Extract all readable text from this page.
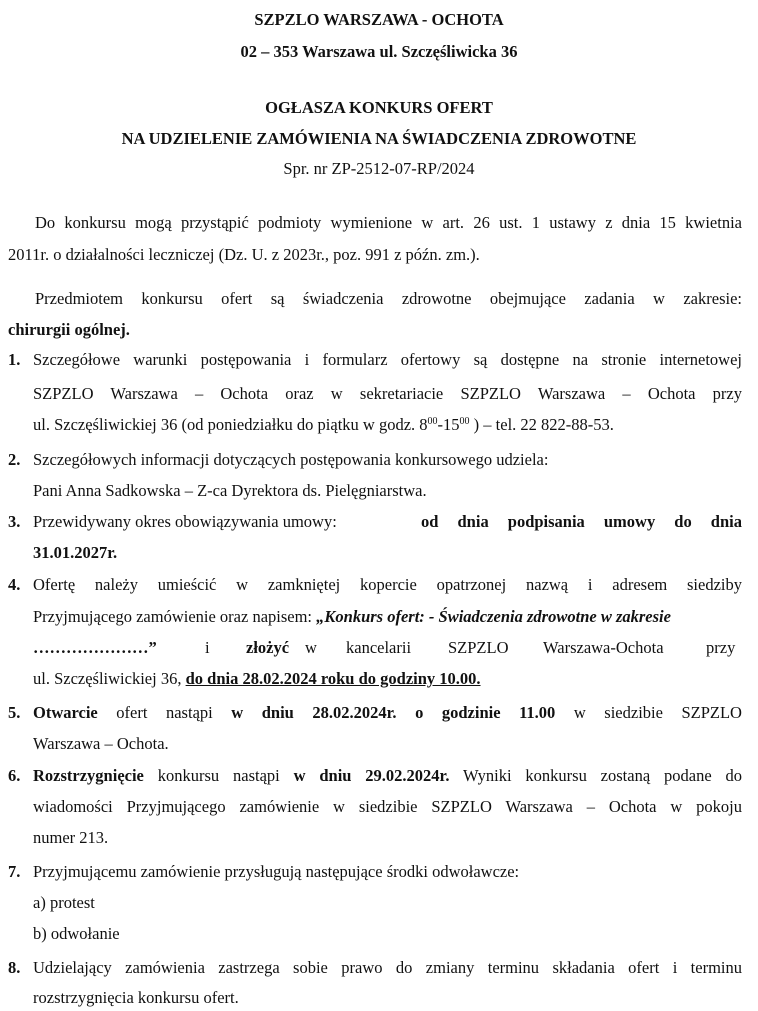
SZPZLO WARSZAWA - OCHOTA
02 – 353 Warszawa ul. Szczęśliwicka 36
OGŁASZA KONKURS OFERT
NA UDZIELENIE ZAMÓWIENIA NA ŚWIADCZENIA ZDROWOTNE
Spr. nr ZP-2512-07-RP/2024
Do konkursu mogą przystąpić podmioty wymienione w art. 26 ust. 1 ustawy z dnia 15 kwietnia
2011r. o działalności leczniczej (Dz. U. z 2023r., poz. 991 z późn. zm.).
Przedmiotem konkursu ofert są świadczenia zdrowotne obejmujące zadania w zakresie:
chirurgii ogólnej.
1. Szczegółowe warunki postępowania i formularz ofertowy są dostępne na stronie internetowej
SZPZLO Warszawa – Ochota oraz w sekretariacie SZPZLO Warszawa – Ochota przy
ul. Szczęśliwickiej 36 (od poniedziałku do piątku w godz. $8^{00}-15^{00}$ ) – tel. 22 822-88-53.
2. Szczegółowych informacji dotyczących postępowania konkursowego udziela:
Pani Anna Sadkowska – Z-ca Dyrektora ds. Pielęgniarstwa.
3. Przewidywany okres obowiązywania umowy:	od dnia podpisania umowy do dnia
31.01.2027r.
4. Ofertę należy umieścić w zamkniętej kopercie opatrzonej nazwą i adresem siedziby
Przyjmującego zamówienie oraz napisem: „Konkurs ofert: - Świadczenia zdrowotne w zakresie
…………………”	i złożyć w kancelarii SZPZLO Warszawa-Ochota	przy
ul. Szczęśliwickiej 36, do dnia 28.02.2024 roku do godziny 10.00.
5. Otwarcie ofert nastąpi w dniu 28.02.2024r. o godzinie 11.00 w siedzibie SZPZLO
Warszawa – Ochota.
6. Rozstrzygnięcie konkursu nastąpi w dniu 29.02.2024r. Wyniki konkursu zostaną podane do
wiadomości Przyjmującego zamówienie w siedzibie SZPZLO Warszawa – Ochota w pokoju
numer 213.
7. Przyjmującemu zamówienie przysługują następujące środki odwoławcze:
a) protest
b) odwołanie
8. Udzielający zamówienia zastrzega sobie prawo do zmiany terminu składania ofert i terminu
rozstrzygnięcia konkursu ofert.
